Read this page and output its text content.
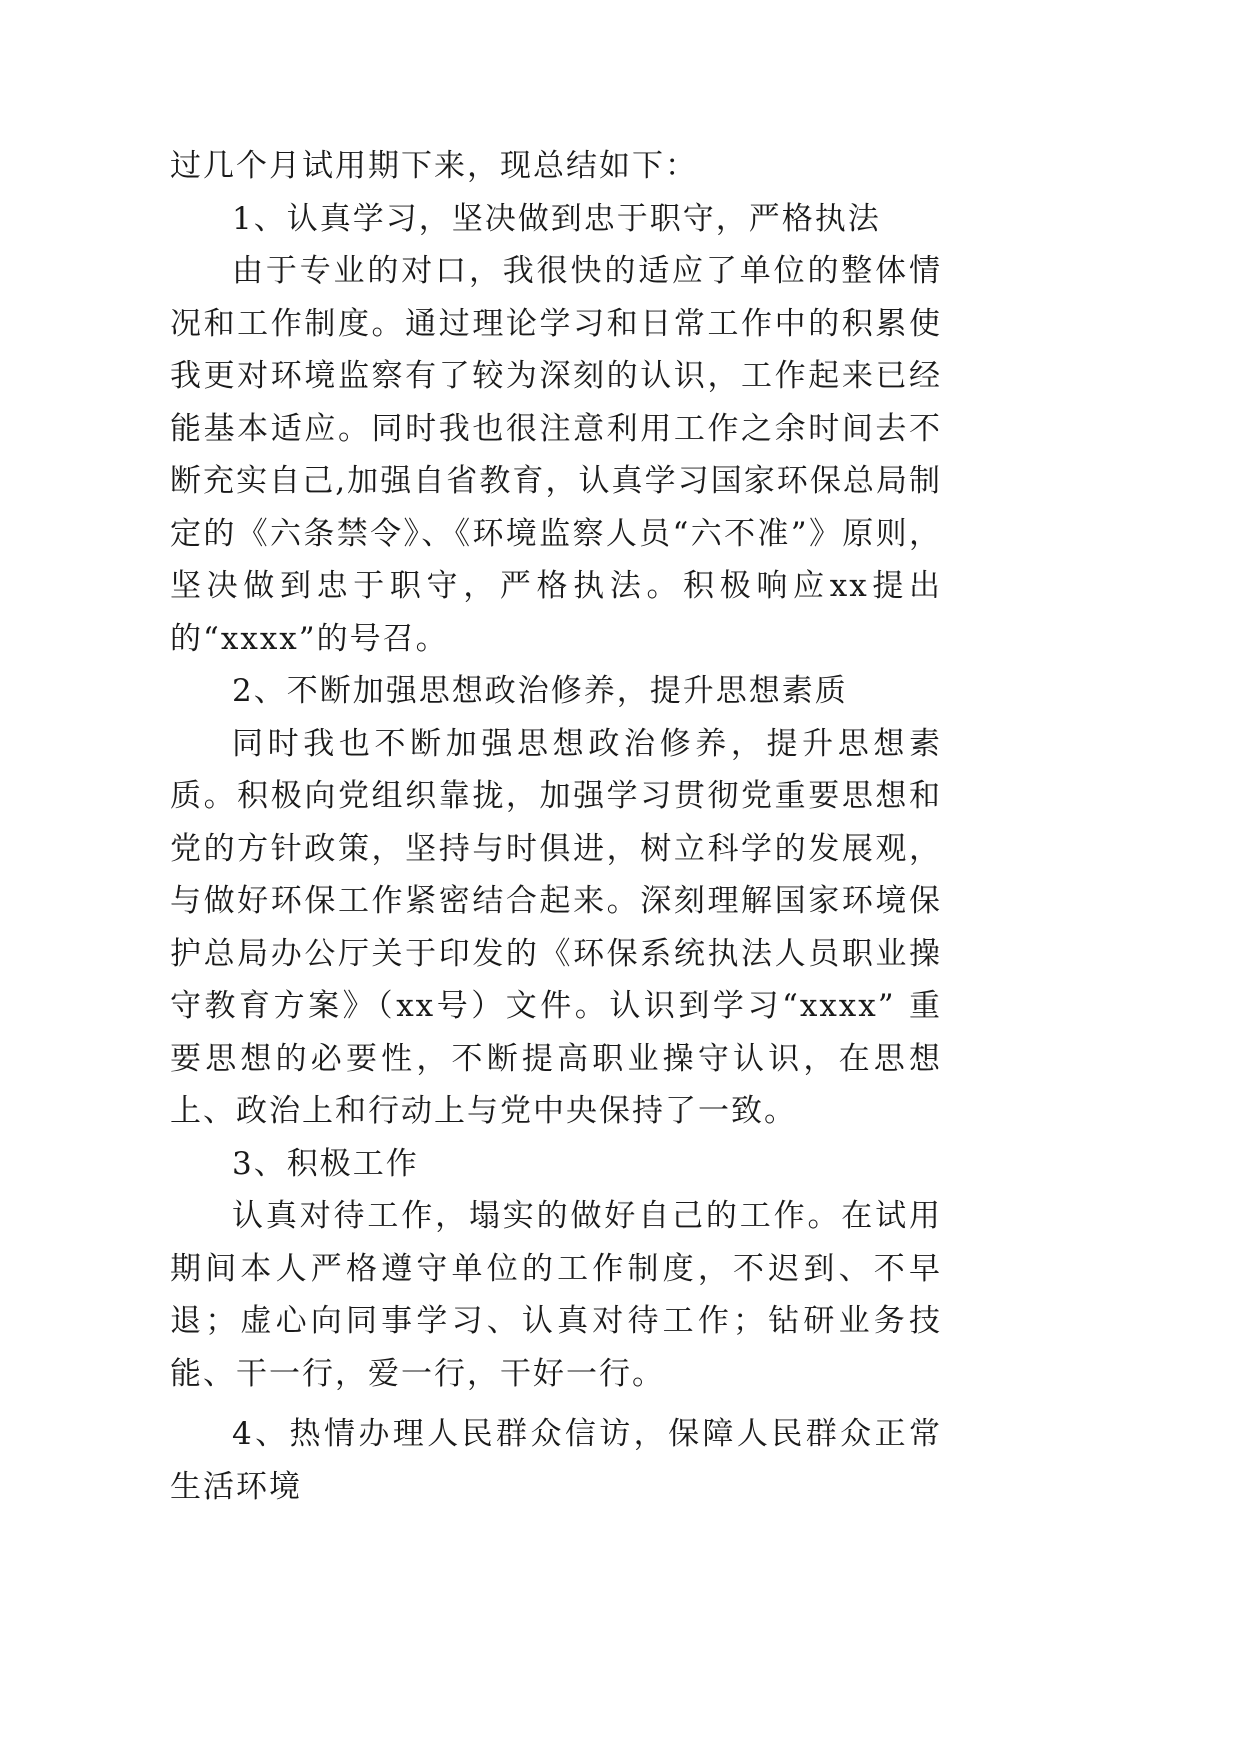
过几个月试用期下来，现总结如下：

1、认真学习，坚决做到忠于职守，严格执法

由于专业的对口，我很快的适应了单位的整体情况和工作制度。通过理论学习和日常工作中的积累使我更对环境监察有了较为深刻的认识，工作起来已经能基本适应。同时我也很注意利用工作之余时间去不断充实自己,加强自省教育，认真学习国家环保总局制定的《六条禁令》、《环境监察人员“六不准”》原则，坚决做到忠于职守，严格执法。积极响应xx提出的“xxxx”的号召。

2、不断加强思想政治修养，提升思想素质

同时我也不断加强思想政治修养，提升思想素质。积极向党组织靠拢，加强学习贯彻党重要思想和党的方针政策，坚持与时俱进，树立科学的发展观，与做好环保工作紧密结合起来。深刻理解国家环境保护总局办公厅关于印发的《环保系统执法人员职业操守教育方案》（xx号）文件。认识到学习“xxxx” 重要思想的必要性，不断提高职业操守认识，在思想上、政治上和行动上与党中央保持了一致。

3、积极工作

认真对待工作，塌实的做好自己的工作。在试用期间本人严格遵守单位的工作制度，不迟到、不早退；虚心向同事学习、认真对待工作；钻研业务技能、干一行，爱一行，干好一行。

4、热情办理人民群众信访，保障人民群众正常生活环境
